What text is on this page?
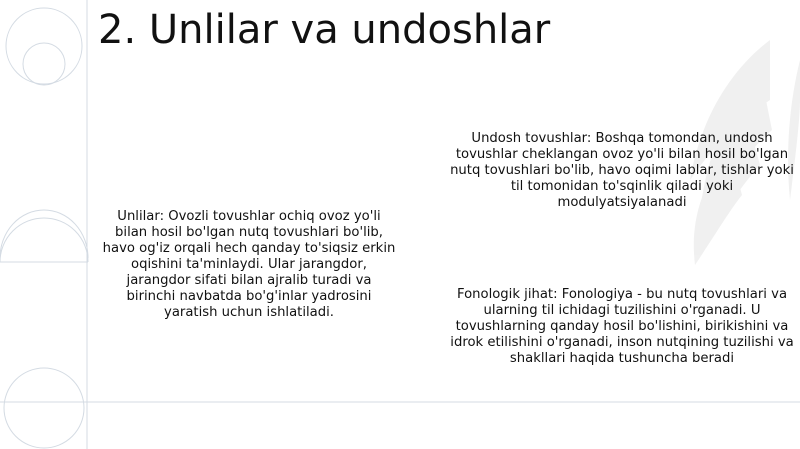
2. Unlilar va undoshlar
Unlilar: Ovozli tovushlar ochiq ovoz yo'li bilan hosil bo'lgan nutq tovushlari bo'lib, havo og'iz orqali hech qanday to'siqsiz erkin oqishini ta'minlaydi. Ular jarangdor, jarangdor sifati bilan ajralib turadi va birinchi navbatda bo'g'inlar yadrosini yaratish uchun ishlatiladi.
Undosh tovushlar: Boshqa tomondan, undosh tovushlar cheklangan ovoz yo'li bilan hosil bo'lgan nutq tovushlari bo'lib, havo oqimi lablar, tishlar yoki til tomonidan to'sqinlik qiladi yoki modulyatsiyalanadi
Fonologik jihat: Fonologiya - bu nutq tovushlari va ularning til ichidagi tuzilishini o'rganadi. U tovushlarning qanday hosil bo'lishini, birikishini va idrok etilishini o'rganadi, inson nutqining tuzilishi va shakllari haqida tushuncha beradi
